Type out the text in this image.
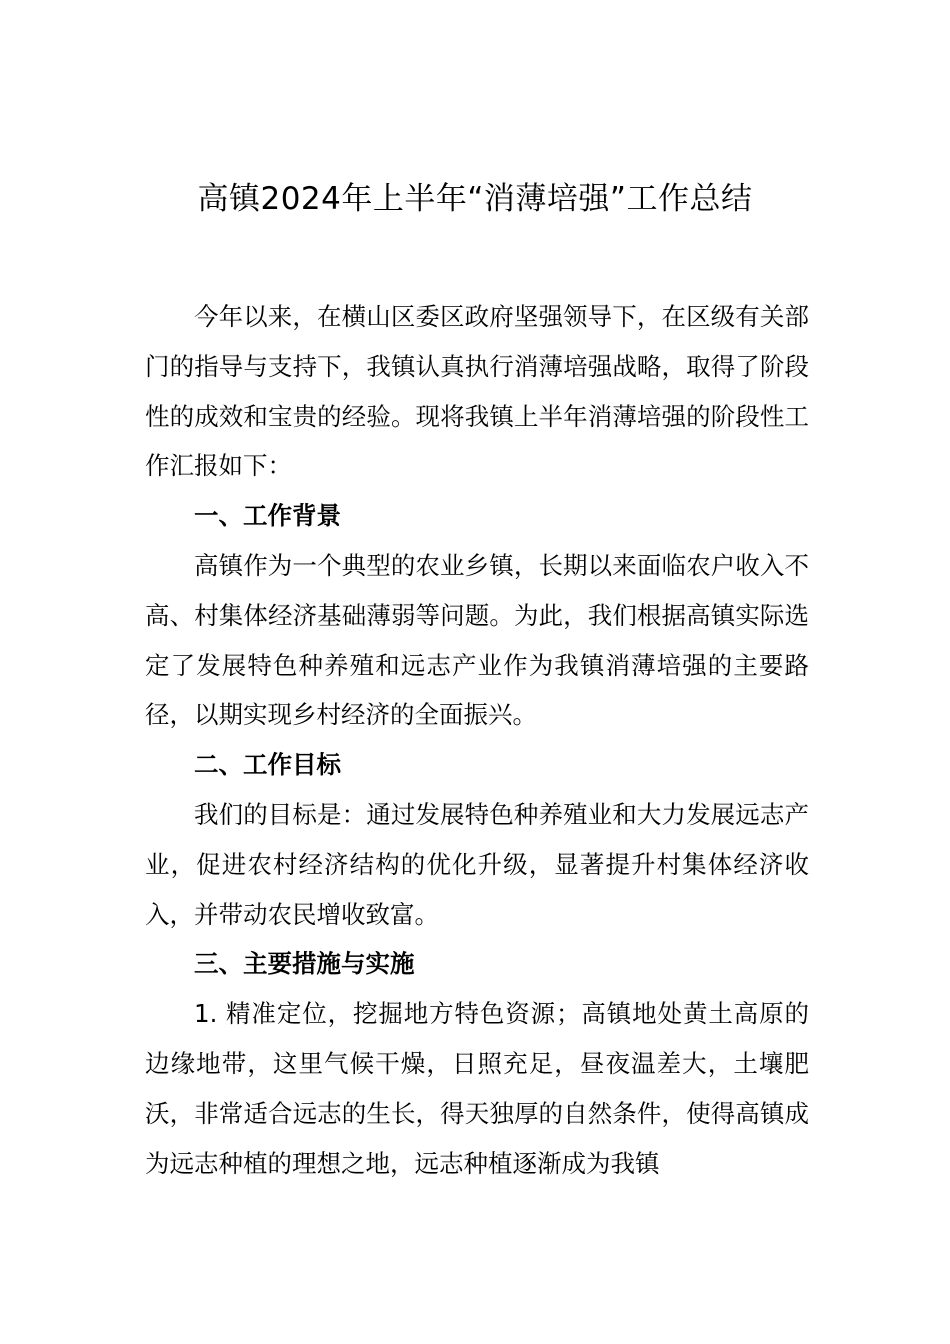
高镇2024年上半年“消薄培强”工作总结

今年以来，在横山区委区政府坚强领导下，在区级有关部门的指导与支持下，我镇认真执行消薄培强战略，取得了阶段性的成效和宝贵的经验。现将我镇上半年消薄培强的阶段性工作汇报如下：

一、工作背景

高镇作为一个典型的农业乡镇，长期以来面临农户收入不高、村集体经济基础薄弱等问题。为此，我们根据高镇实际选定了发展特色种养殖和远志产业作为我镇消薄培强的主要路径，以期实现乡村经济的全面振兴。

二、工作目标

我们的目标是：通过发展特色种养殖业和大力发展远志产业，促进农村经济结构的优化升级，显著提升村集体经济收入，并带动农民增收致富。

三、主要措施与实施

1. 精准定位，挖掘地方特色资源；高镇地处黄土高原的边缘地带，这里气候干燥，日照充足，昼夜温差大，土壤肥沃，非常适合远志的生长，得天独厚的自然条件，使得高镇成为远志种植的理想之地，远志种植逐渐成为我镇
